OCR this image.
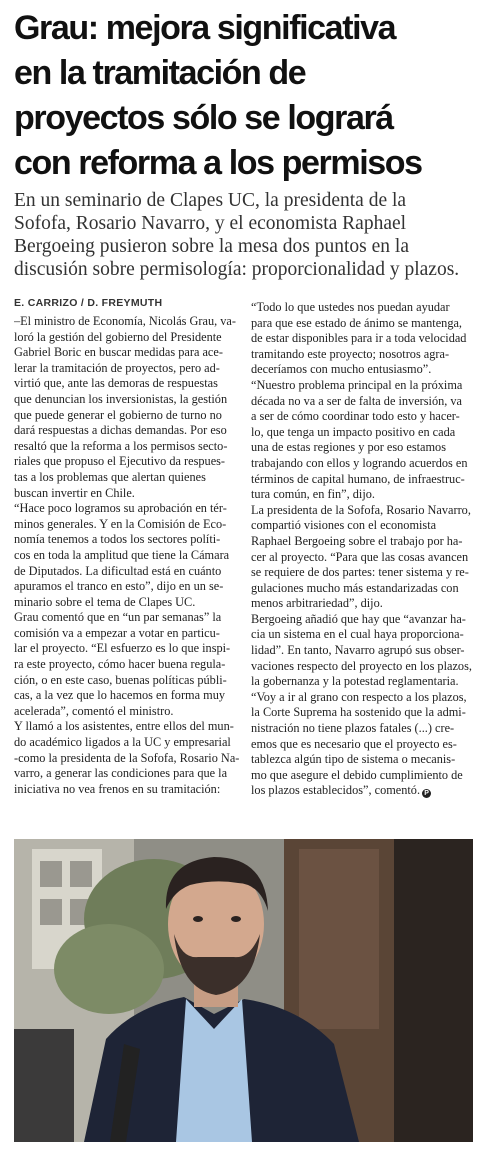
Grau: mejora significativa
en la tramitación de
proyectos sólo se logrará
con reforma a los permisos
En un seminario de Clapes UC, la presidenta de la
Sofofa, Rosario Navarro, y el economista Raphael
Bergoeing pusieron sobre la mesa dos puntos en la
discusión sobre permisología: proporcionalidad y plazos.
E. CARRIZO / D. FREYMUTH
–El ministro de Economía, Nicolás Grau, va-
loró la gestión del gobierno del Presidente
Gabriel Boric en buscar medidas para ace-
lerar la tramitación de proyectos, pero ad-
virtió que, ante las demoras de respuestas
que denuncian los inversionistas, la gestión
que puede generar el gobierno de turno no
dará respuestas a dichas demandas. Por eso
resaltó que la reforma a los permisos secto-
riales que propuso el Ejecutivo da respues-
tas a los problemas que alertan quienes
buscan invertir en Chile.
“Hace poco logramos su aprobación en tér-
minos generales. Y en la Comisión de Eco-
nomía tenemos a todos los sectores políti-
cos en toda la amplitud que tiene la Cámara
de Diputados. La dificultad está en cuánto
apuramos el tranco en esto”, dijo en un se-
minario sobre el tema de Clapes UC.
Grau comentó que en “un par semanas” la
comisión va a empezar a votar en particu-
lar el proyecto. “El esfuerzo es lo que inspi-
ra este proyecto, cómo hacer buena regula-
ción, o en este caso, buenas políticas públi-
cas, a la vez que lo hacemos en forma muy
acelerada”, comentó el ministro.
Y llamó a los asistentes, entre ellos del mun-
do académico ligados a la UC y empresarial
-como la presidenta de la Sofofa, Rosario Na-
varro, a generar las condiciones para que la
iniciativa no vea frenos en su tramitación:
“Todo lo que ustedes nos puedan ayudar
para que ese estado de ánimo se mantenga,
de estar disponibles para ir a toda velocidad
tramitando este proyecto; nosotros agra-
deceríamos con mucho entusiasmo”.
“Nuestro problema principal en la próxima
década no va a ser de falta de inversión, va
a ser de cómo coordinar todo esto y hacer-
lo, que tenga un impacto positivo en cada
una de estas regiones y por eso estamos
trabajando con ellos y logrando acuerdos en
términos de capital humano, de infraestruc-
tura común, en fin”, dijo.
La presidenta de la Sofofa, Rosario Navarro,
compartió visiones con el economista
Raphael Bergoeing sobre el trabajo por ha-
cer al proyecto. “Para que las cosas avancen
se requiere de dos partes: tener sistema y re-
gulaciones mucho más estandarizadas con
menos arbitrariedad”, dijo.
Bergoeing añadió que hay que “avanzar ha-
cia un sistema en el cual haya proporciona-
lidad”. En tanto, Navarro agrupó sus obser-
vaciones respecto del proyecto en los plazos,
la gobernanza y la potestad reglamentaria.
“Voy a ir al grano con respecto a los plazos,
la Corte Suprema ha sostenido que la admi-
nistración no tiene plazos fatales (...) cre-
emos que es necesario que el proyecto es-
tablezca algún tipo de sistema o mecanis-
mo que asegure el debido cumplimiento de
los plazos establecidos”, comentó. P
